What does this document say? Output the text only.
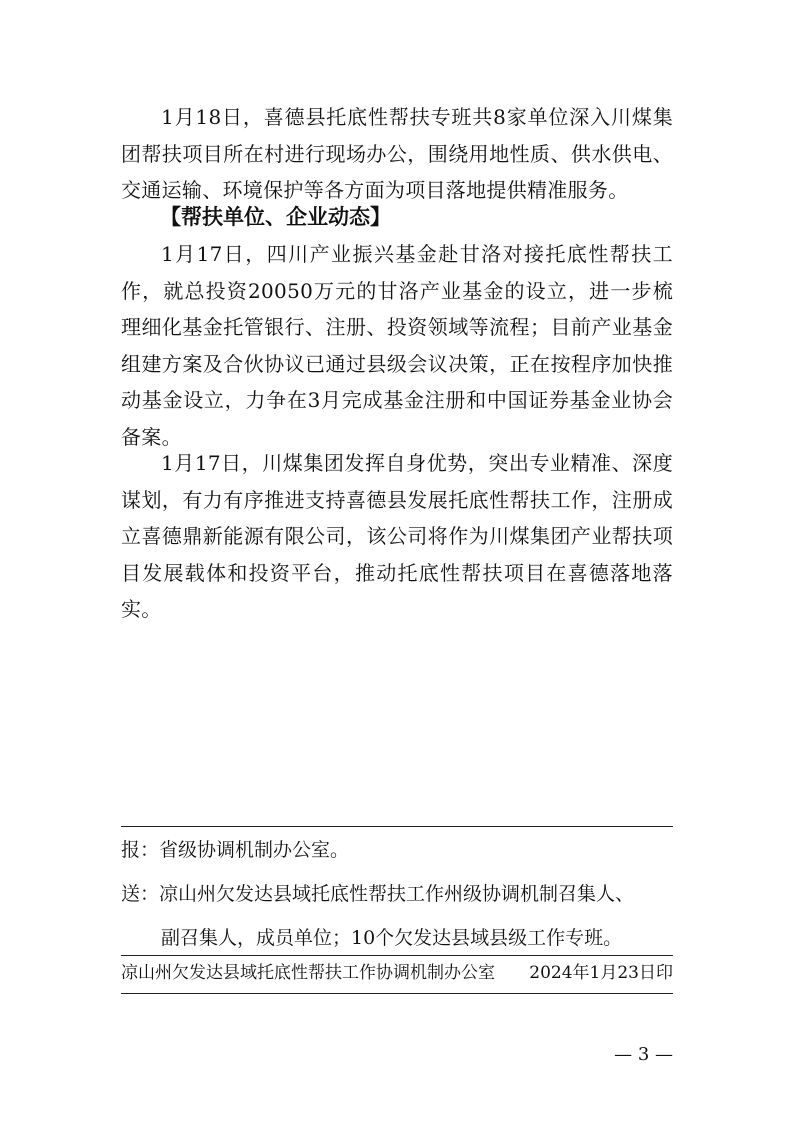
1月18日，喜德县托底性帮扶专班共8家单位深入川煤集团帮扶项目所在村进行现场办公，围绕用地性质、供水供电、交通运输、环境保护等各方面为项目落地提供精准服务。

【帮扶单位、企业动态】

1月17日，四川产业振兴基金赴甘洛对接托底性帮扶工作，就总投资20050万元的甘洛产业基金的设立，进一步梳理细化基金托管银行、注册、投资领域等流程；目前产业基金组建方案及合伙协议已通过县级会议决策，正在按程序加快推动基金设立，力争在3月完成基金注册和中国证券基金业协会备案。

1月17日，川煤集团发挥自身优势，突出专业精准、深度谋划，有力有序推进支持喜德县发展托底性帮扶工作，注册成立喜德鼎新能源有限公司，该公司将作为川煤集团产业帮扶项目发展载体和投资平台，推动托底性帮扶项目在喜德落地落实。

报：省级协调机制办公室。
送：凉山州欠发达县域托底性帮扶工作州级协调机制召集人、
副召集人，成员单位；10个欠发达县域县级工作专班。
凉山州欠发达县域托底性帮扶工作协调机制办公室 2024年1月23日印
— 3 —
